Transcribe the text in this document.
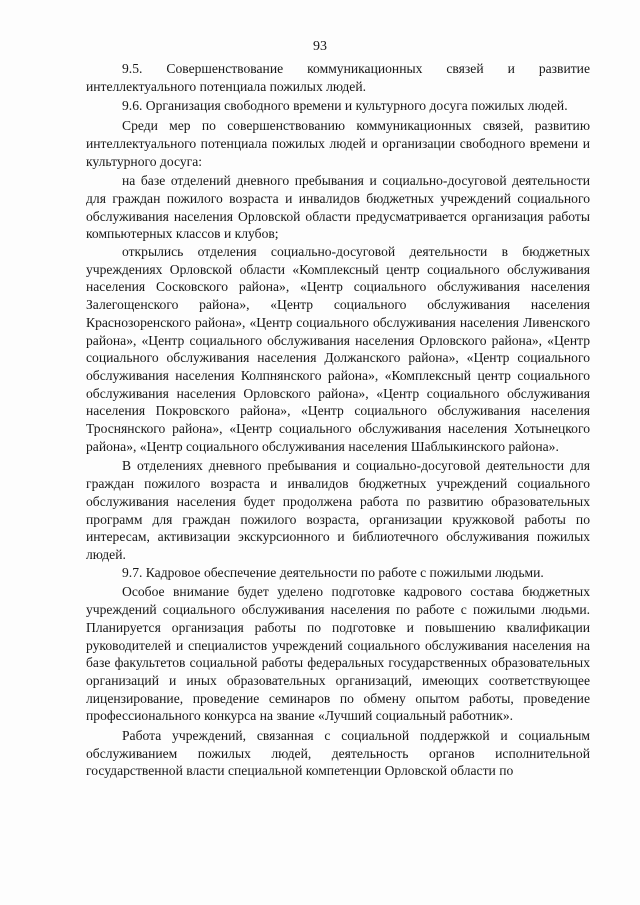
93

9.5. Совершенствование коммуникационных связей и развитие интеллектуального потенциала пожилых людей.

9.6. Организация свободного времени и культурного досуга пожилых людей.

Среди мер по совершенствованию коммуникационных связей, развитию интеллектуального потенциала пожилых людей и организации свободного времени и культурного досуга:

на базе отделений дневного пребывания и социально-досуговой деятельности для граждан пожилого возраста и инвалидов бюджетных учреждений социального обслуживания населения Орловской области предусматривается организация работы компьютерных классов и клубов;

открылись отделения социально-досуговой деятельности в бюджетных учреждениях Орловской области «Комплексный центр социального обслуживания населения Сосковского района», «Центр социального обслуживания населения Залегощенского района», «Центр социального обслуживания населения Краснозоренского района», «Центр социального обслуживания населения Ливенского района», «Центр социального обслуживания населения Орловского района», «Центр социального обслуживания населения Должанского района», «Центр социального обслуживания населения Колпнянского района», «Комплексный центр социального обслуживания населения Орловского района», «Центр социального обслуживания населения Покровского района», «Центр социального обслуживания населения Троснянского района», «Центр социального обслуживания населения Хотынецкого района», «Центр социального обслуживания населения Шаблыкинского района».

В отделениях дневного пребывания и социально-досуговой деятельности для граждан пожилого возраста и инвалидов бюджетных учреждений социального обслуживания населения будет продолжена работа по развитию образовательных программ для граждан пожилого возраста, организации кружковой работы по интересам, активизации экскурсионного и библиотечного обслуживания пожилых людей.

9.7. Кадровое обеспечение деятельности по работе с пожилыми людьми.

Особое внимание будет уделено подготовке кадрового состава бюджетных учреждений социального обслуживания населения по работе с пожилыми людьми. Планируется организация работы по подготовке и повышению квалификации руководителей и специалистов учреждений социального обслуживания населения на базе факультетов социальной работы федеральных государственных образовательных организаций и иных образовательных организаций, имеющих соответствующее лицензирование, проведение семинаров по обмену опытом работы, проведение профессионального конкурса на звание «Лучший социальный работник».

Работа учреждений, связанная с социальной поддержкой и социальным обслуживанием пожилых людей, деятельность органов исполнительной государственной власти специальной компетенции Орловской области по
